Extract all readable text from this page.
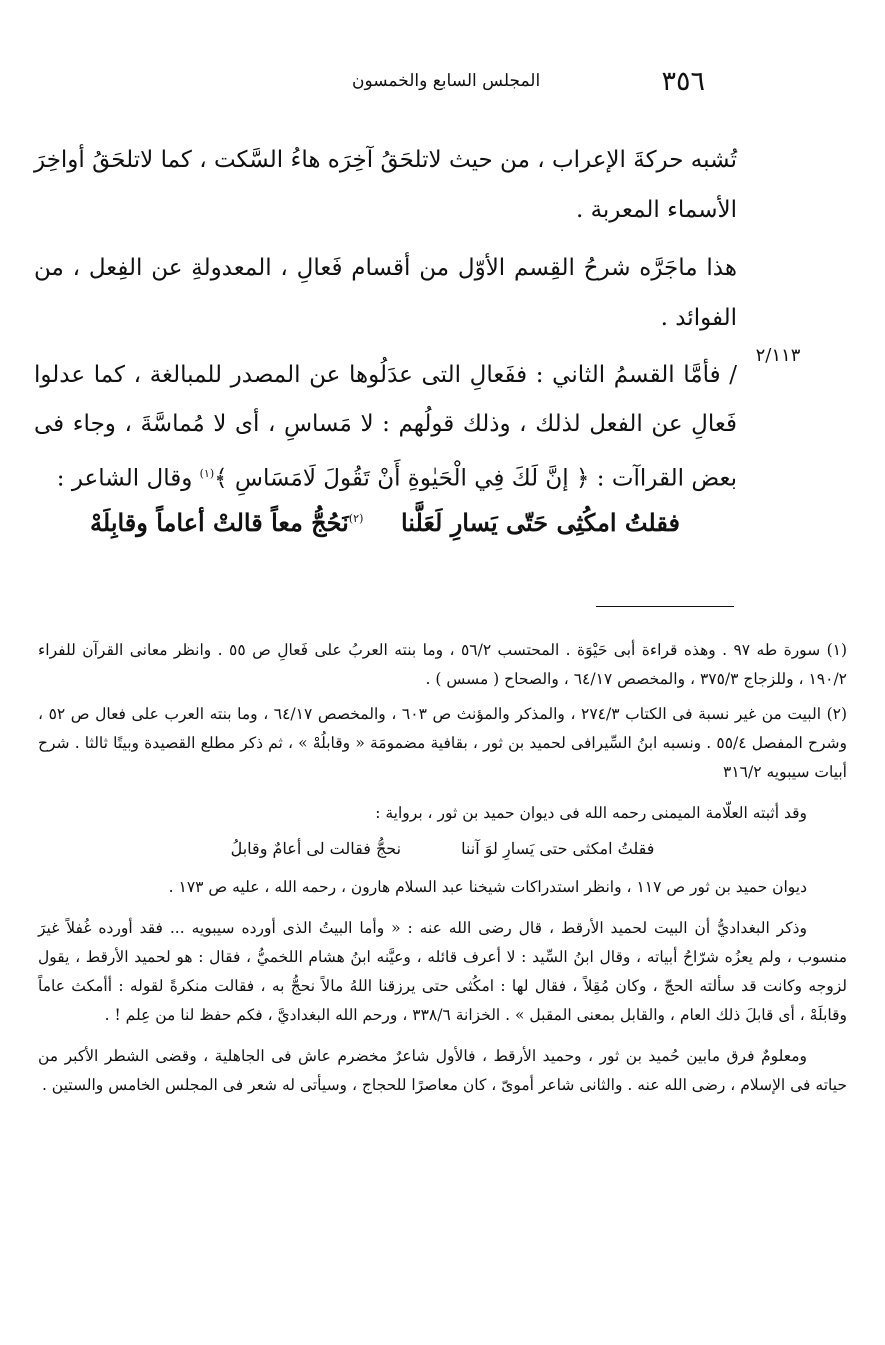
٣٥٦
المجلس السابع والخمسون
٢/١١٣

تُشبه حركةَ الإعراب ، من حيث لاتلحَقُ آخِرَه هاءُ السَّكت ، كما لاتلحَقُ أواخِرَ الأسماء المعربة .

هذا ماجَرَّه شرحُ القِسم الأوّل من أقسام فَعالِ ، المعدولةِ عن الفِعل ، من الفوائد .

/ فأمَّا القسمُ الثاني : ففَعالِ التى عدَلُوها عن المصدر للمبالغة ، كما عدلوا فَعالِ عن الفعل لذلك ، وذلك قولُهم : لا مَساسِ ، أى لا مُماسَّةَ ، وجاء فى بعض القراآت : ﴿ إنَّ لَكَ فِي الْحَيٰوةِ أَنْ تَقُولَ لَامَسَاسِ ﴾$^{(١)}$ وقال الشاعر :

فقلتُ امكُثِى حَتّى يَسارِ لَعَلَّنا
$^{(٢)}$نَحُجُّ معاً قالتْ أعاماً وقابِلَهْ

(١) سورة طه ٩٧ . وهذه قراءة أبى حَيْوَة . المحتسب ٥٦/٢ ، وما بنته العربُ على فَعالِ ص ٥٥ . وانظر معانى القرآن للفراء ١٩٠/٢ ، وللزجاج ٣٧٥/٣ ، والمخصص ٦٤/١٧ ، والصحاح ( مسس ) .

(٢) البيت من غير نسبة فى الكتاب ٢٧٤/٣ ، والمذكر والمؤنث ص ٦٠٣ ، والمخصص ٦٤/١٧ ، وما بنته العرب على فعال ص ٥٢ ، وشرح المفصل ٥٥/٤ . ونسبه ابنُ السِّيرافى لحميد بن ثور ، بقافية مضمومَة « وقابلُهْ » ، ثم ذكر مطلع القصيدة وبيتًا ثالثا . شرح أبيات سيبويه ٣١٦/٢

وقد أثبته العلّامة الميمنى رحمه الله فى ديوان حميد بن ثور ، برواية :

فقلتُ امكثى حتى يَسارِ لوَ آننا
نحجُّ فقالت لى أعامٌ وقابلُ

ديوان حميد بن ثور ص ١١٧ ، وانظر استدراكات شيخنا عبد السلام هارون ، رحمه الله ، عليه ص ١٧٣ .

وذكر البغداديُّ أن البيت لحميد الأرقط ، قال رضى الله عنه : « وأما البيتُ الذى أورده سيبويه ... فقد أورده غُفلاً غيرَ منسوب ، ولم يعزُه شرّاحُ أبياته ، وقال ابنُ السِّيد : لا أعرف قائله ، وعيَّنه ابنُ هشام اللخميُّ ، فقال : هو لحميد الأرقط ، يقول لزوجه وكانت قد سألته الحجّ ، وكان مُقِلاً ، فقال لها : امكُثى حتى يرزقنا اللهُ مالاً نحجُّ به ، فقالت منكرةً لقوله : أأمكث عاماً وقابلَهْ ، أى قابلَ ذلك العام ، والقابل بمعنى المقبل » . الخزانة ٣٣٨/٦ ، ورحم الله البغداديَّ ، فكم حفظ لنا من عِلم ! .

ومعلومٌ فرق مابين حُميد بن ثور ، وحميد الأرقط ، فالأول شاعرٌ مخضرم عاش فى الجاهلية ، وقضى الشطر الأكبر من حياته فى الإسلام ، رضى الله عنه . والثانى شاعر أمویّ ، كان معاصرًا للحجاج ، وسيأتى له شعر فى المجلس الخامس والستين .
